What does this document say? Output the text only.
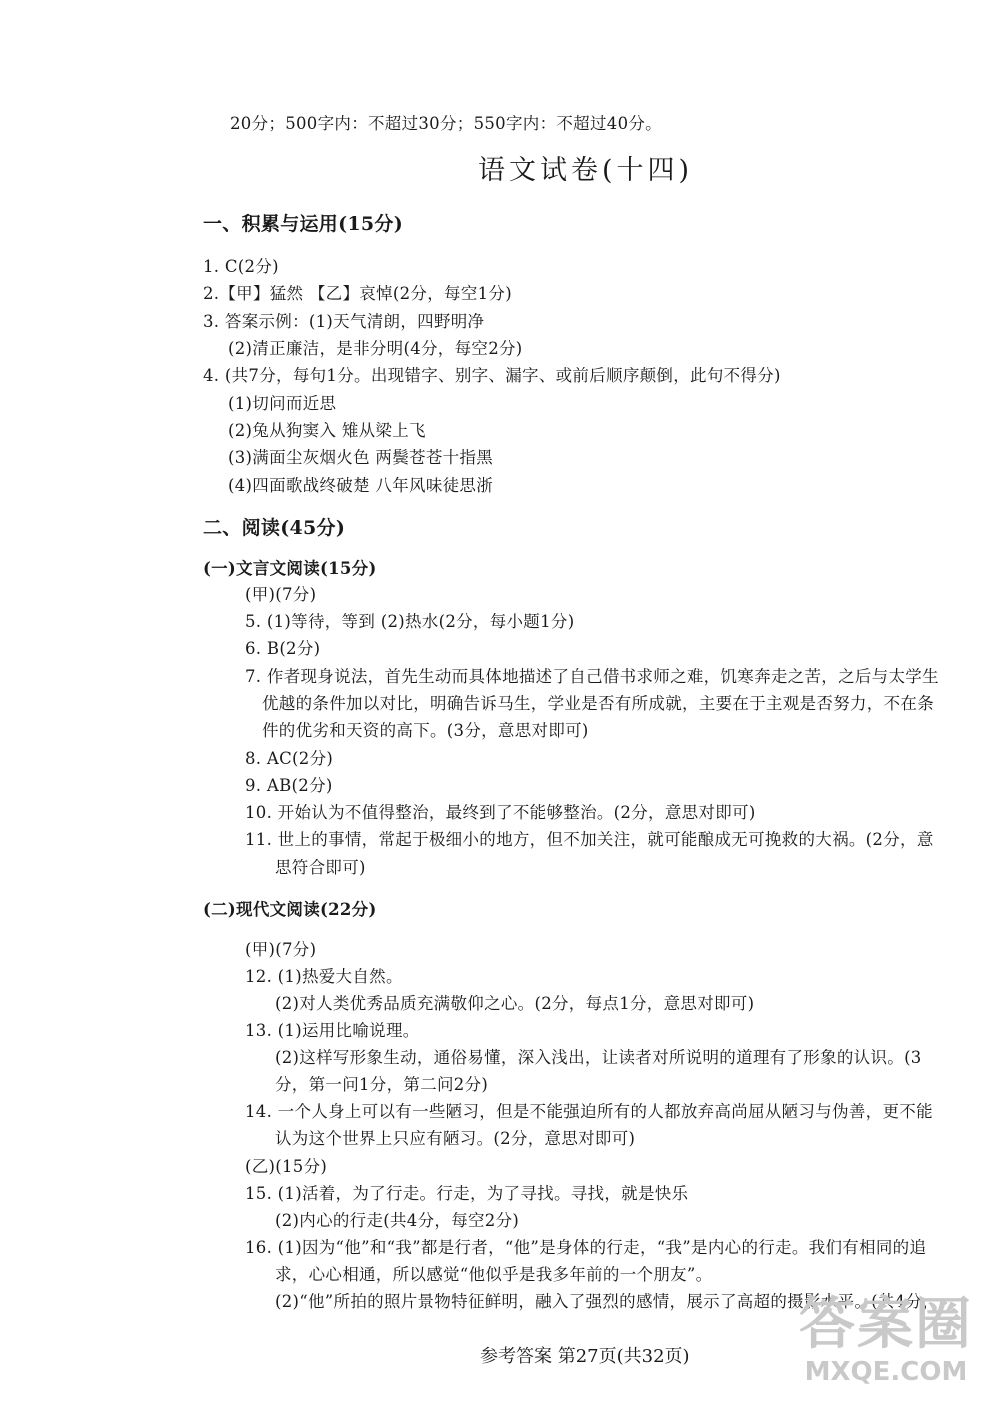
20分；500字内：不超过30分；550字内：不超过40分。
语文试卷(十四)
一、积累与运用(15分)
1. C(2分)
2.【甲】猛然 【乙】哀悼(2分，每空1分)
3. 答案示例：(1)天气清朗，四野明净
(2)清正廉洁，是非分明(4分，每空2分)
4. (共7分，每句1分。出现错字、别字、漏字、或前后顺序颠倒，此句不得分)
(1)切问而近思
(2)兔从狗窦入 雉从梁上飞
(3)满面尘灰烟火色 两鬓苍苍十指黑
(4)四面歌战终破楚 八年风味徒思浙
二、阅读(45分)
(一)文言文阅读(15分)
(甲)(7分)
5. (1)等待，等到 (2)热水(2分，每小题1分)
6. B(2分)
7. 作者现身说法，首先生动而具体地描述了自己借书求师之难，饥寒奔走之苦，之后与太学生
优越的条件加以对比，明确告诉马生，学业是否有所成就，主要在于主观是否努力，不在条
件的优劣和天资的高下。(3分，意思对即可)
8. AC(2分)
9. AB(2分)
10. 开始认为不值得整治，最终到了不能够整治。(2分，意思对即可)
11. 世上的事情，常起于极细小的地方，但不加关注，就可能酿成无可挽救的大祸。(2分，意
思符合即可)
(二)现代文阅读(22分)
(甲)(7分)
12. (1)热爱大自然。
(2)对人类优秀品质充满敬仰之心。(2分，每点1分，意思对即可)
13. (1)运用比喻说理。
(2)这样写形象生动，通俗易懂，深入浅出，让读者对所说明的道理有了形象的认识。(3
分，第一问1分，第二问2分)
14. 一个人身上可以有一些陋习，但是不能强迫所有的人都放弃高尚屈从陋习与伪善，更不能
认为这个世界上只应有陋习。(2分，意思对即可)
(乙)(15分)
15. (1)活着，为了行走。行走，为了寻找。寻找，就是快乐
(2)内心的行走(共4分，每空2分)
16. (1)因为“他”和“我”都是行者，“他”是身体的行走，“我”是内心的行走。我们有相同的追
求，心心相通，所以感觉“他似乎是我多年前的一个朋友”。
(2)“他”所拍的照片景物特征鲜明，融入了强烈的感情，展示了高超的摄影水平。(共4分，
参考答案 第27页(共32页) 答案圈
MXQE.COM
